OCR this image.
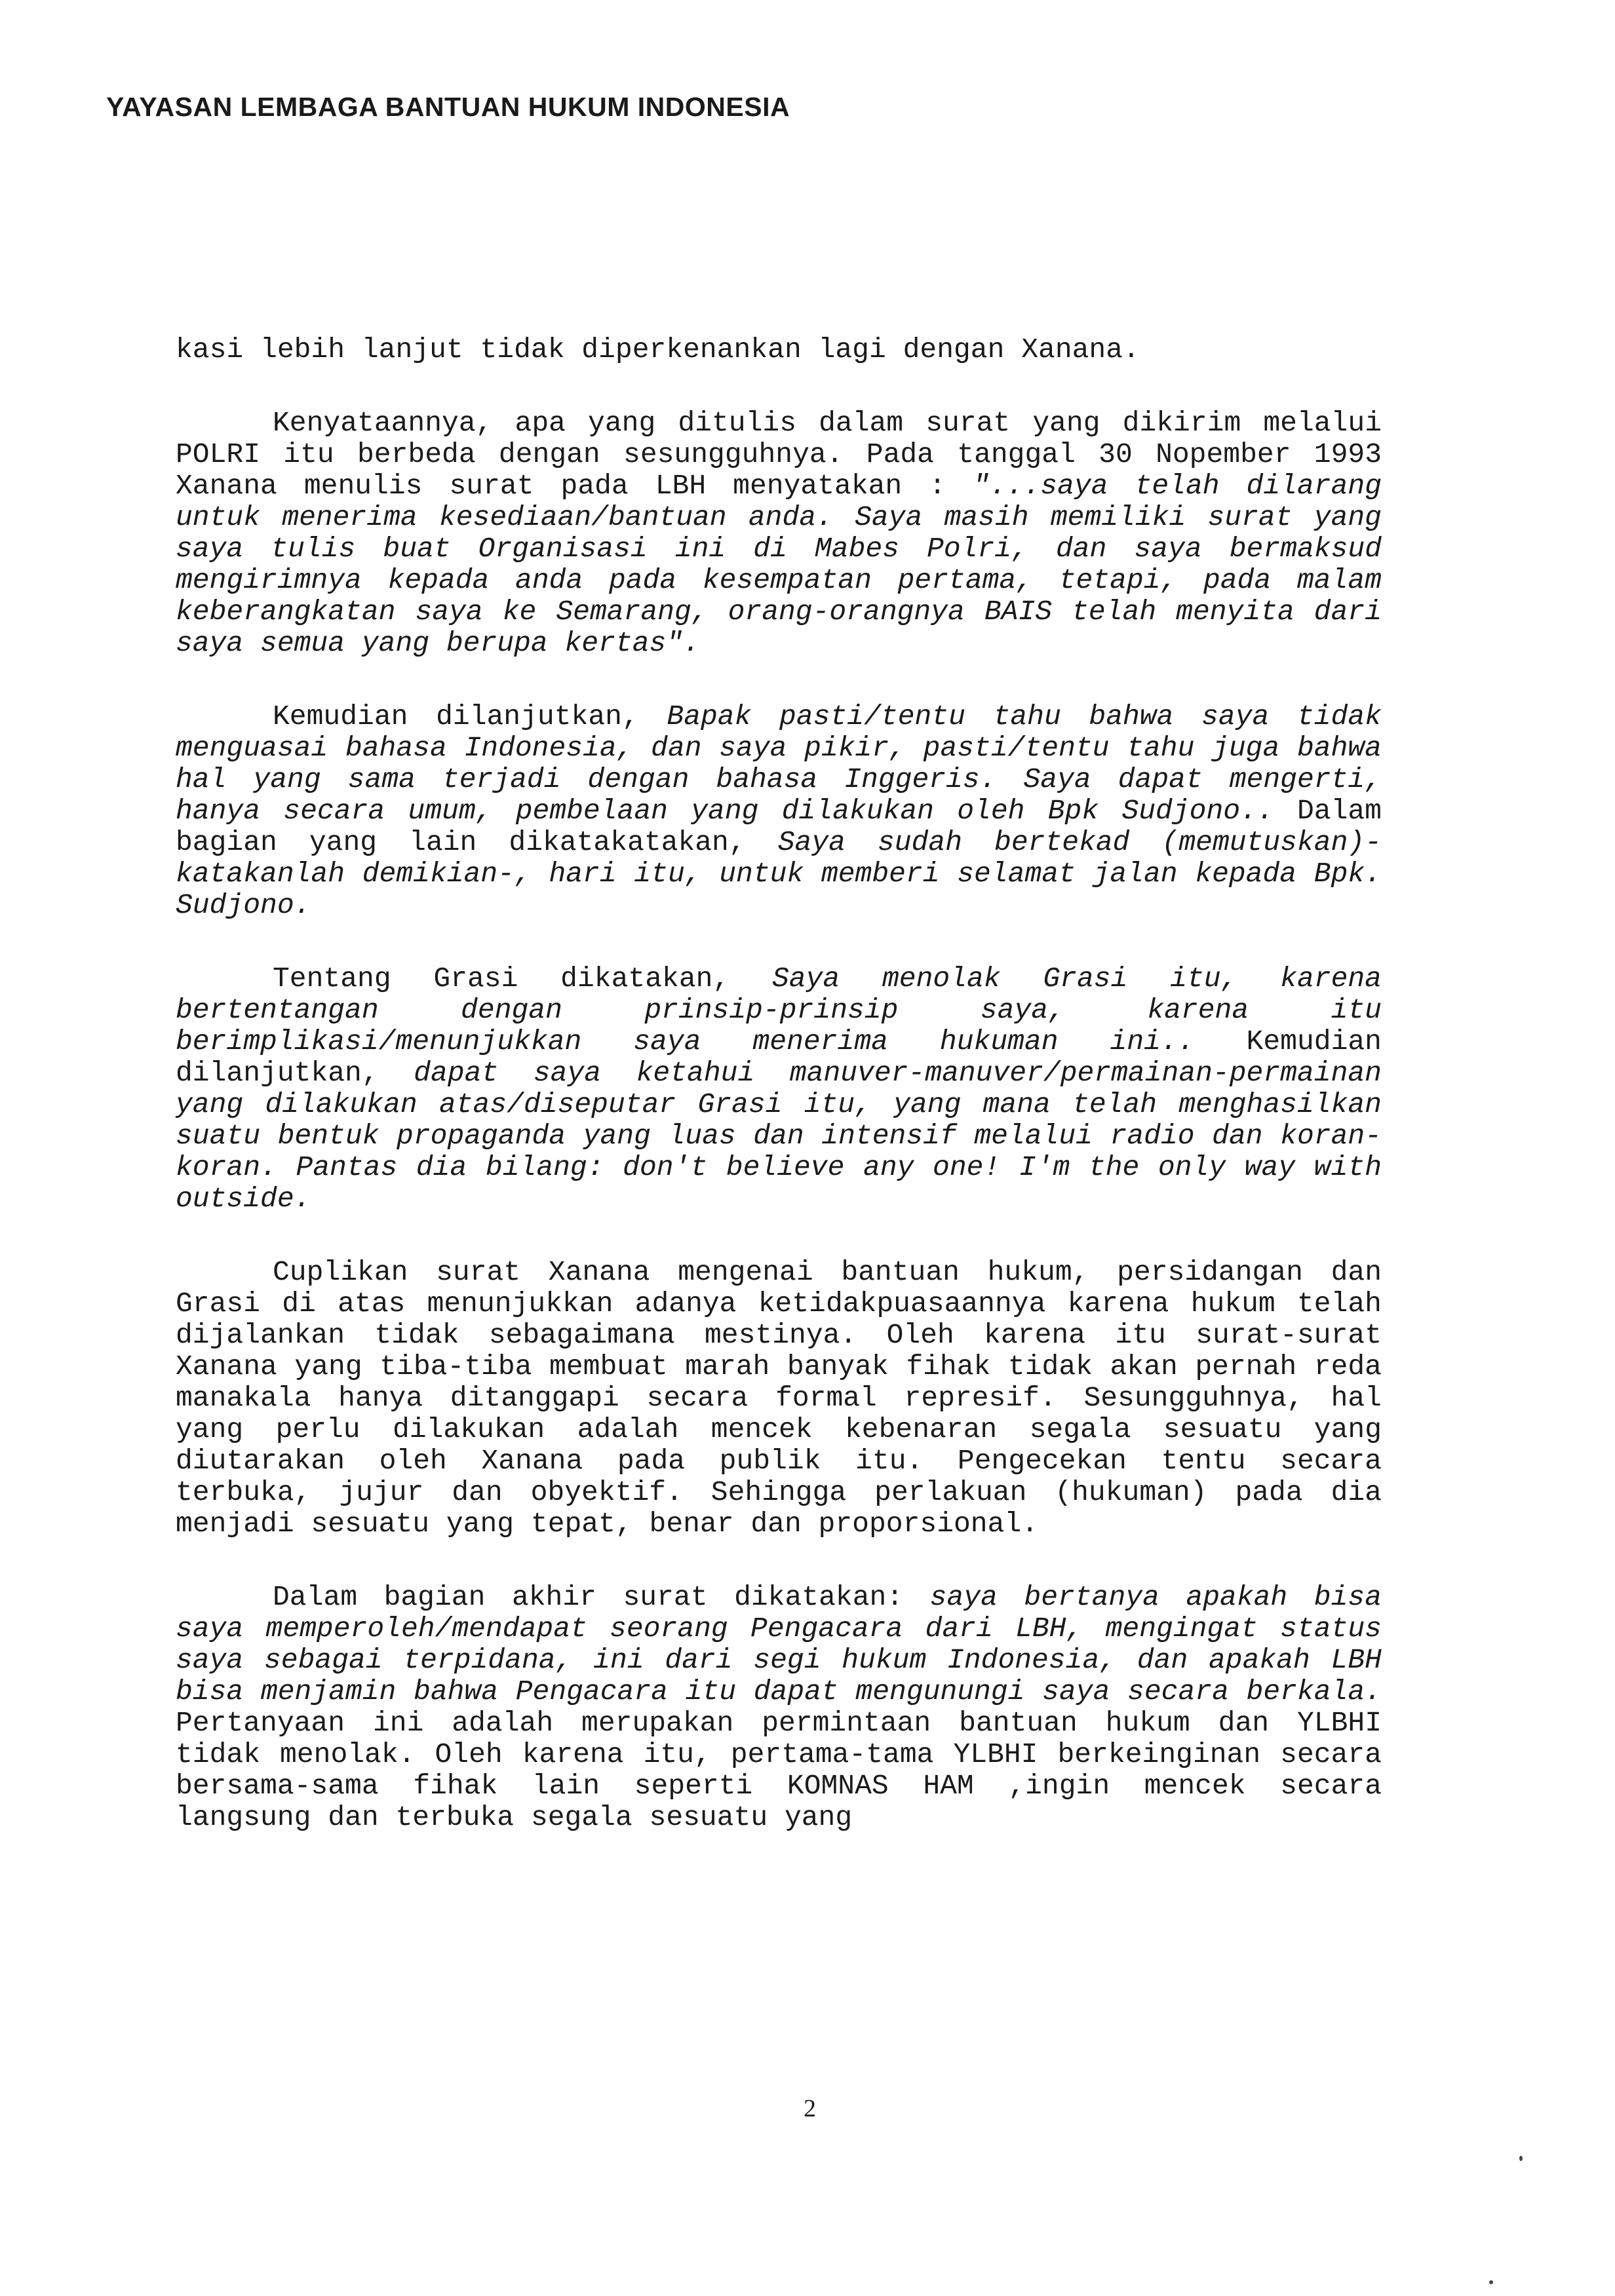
YAYASAN LEMBAGA BANTUAN HUKUM INDONESIA

kasi lebih lanjut tidak diperkenankan lagi dengan Xanana.

Kenyataannya, apa yang ditulis dalam surat yang dikirim melalui POLRI itu berbeda dengan sesungguhnya. Pada tanggal 30 Nopember 1993 Xanana menulis surat pada LBH menyatakan : "...saya telah dilarang untuk menerima kesediaan/bantuan anda. Saya masih memiliki surat yang saya tulis buat Organisasi ini di Mabes Polri, dan saya bermaksud mengirimnya kepada anda pada kesempatan pertama, tetapi, pada malam keberangkatan saya ke Semarang, orang-orangnya BAIS telah menyita dari saya semua yang berupa kertas".

Kemudian dilanjutkan, Bapak pasti/tentu tahu bahwa saya tidak menguasai bahasa Indonesia, dan saya pikir, pasti/tentu tahu juga bahwa hal yang sama terjadi dengan bahasa Inggeris. Saya dapat mengerti, hanya secara umum, pembelaan yang dilakukan oleh Bpk Sudjono.. Dalam bagian yang lain dikatakatakan, Saya sudah bertekad (memutuskan)-katakanlah demikian-, hari itu, untuk memberi selamat jalan kepada Bpk. Sudjono.

Tentang Grasi dikatakan, Saya menolak Grasi itu, karena bertentangan dengan prinsip-prinsip saya, karena itu berimplikasi/menunjukkan saya menerima hukuman ini.. Kemudian dilanjutkan, dapat saya ketahui manuver-manuver/permainan-permainan yang dilakukan atas/diseputar Grasi itu, yang mana telah menghasilkan suatu bentuk propaganda yang luas dan intensif melalui radio dan koran-koran. Pantas dia bilang: don't believe any one! I'm the only way with outside.

Cuplikan surat Xanana mengenai bantuan hukum, persidangan dan Grasi di atas menunjukkan adanya ketidakpuasaannya karena hukum telah dijalankan tidak sebagaimana mestinya. Oleh karena itu surat-surat Xanana yang tiba-tiba membuat marah banyak fihak tidak akan pernah reda manakala hanya ditanggapi secara formal represif. Sesungguhnya, hal yang perlu dilakukan adalah mencek kebenaran segala sesuatu yang diutarakan oleh Xanana pada publik itu. Pengecekan tentu secara terbuka, jujur dan obyektif. Sehingga perlakuan (hukuman) pada dia menjadi sesuatu yang tepat, benar dan proporsional.

Dalam bagian akhir surat dikatakan: saya bertanya apakah bisa saya memperoleh/mendapat seorang Pengacara dari LBH, mengingat status saya sebagai terpidana, ini dari segi hukum Indonesia, dan apakah LBH bisa menjamin bahwa Pengacara itu dapat mengunungi saya secara berkala. Pertanyaan ini adalah merupakan permintaan bantuan hukum dan YLBHI tidak menolak. Oleh karena itu, pertama-tama YLBHI berkeinginan secara bersama-sama fihak lain seperti KOMNAS HAM ,ingin mencek secara langsung dan terbuka segala sesuatu yang

2
